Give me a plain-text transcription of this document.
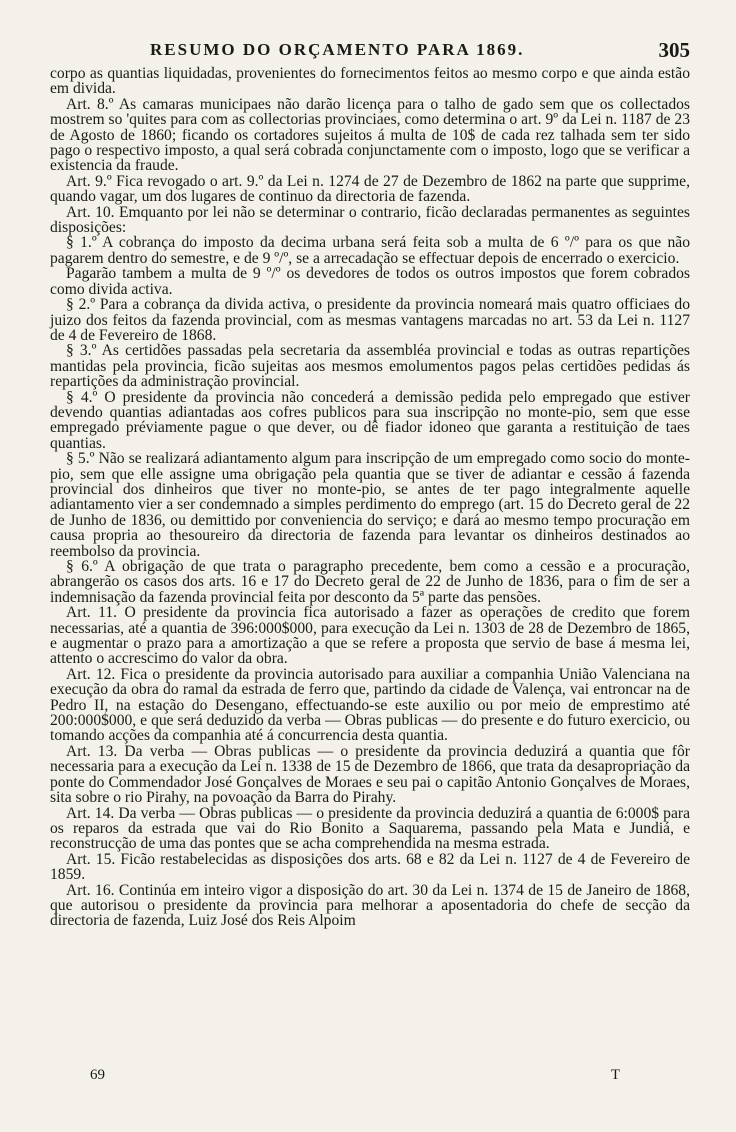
RESUMO DO ORÇAMENTO PARA 1869.	305

corpo as quantias liquidadas, provenientes do fornecimentos feitos ao mesmo corpo e que ainda estão em divida.

Art. 8.º As camaras municipaes não darão licença para o talho de gado sem que os collectados mostrem so 'quites para com as collectorias provinciaes, como determina o art. 9º da Lei n. 1187 de 23 de Agosto de 1860; ficando os cortadores sujeitos á multa de 10$ de cada rez talhada sem ter sido pago o respectivo imposto, a qual será cobrada conjunctamente com o imposto, logo que se verificar a existencia da fraude.

Art. 9.º Fica revogado o art. 9.º da Lei n. 1274 de 27 de Dezembro de 1862 na parte que supprime, quando vagar, um dos lugares de continuo da directoria de fazenda.

Art. 10. Emquanto por lei não se determinar o contrario, ficão declaradas permanentes as seguintes disposições:

§ 1.º A cobrança do imposto da decima urbana será feita sob a multa de 6 º/º para os que não pagarem dentro do semestre, e de 9 º/º, se a arrecadação se effectuar depois de encerrado o exercicio.

Pagarão tambem a multa de 9 º/º os devedores de todos os outros impostos que forem cobrados como divida activa.

§ 2.º Para a cobrança da divida activa, o presidente da provincia nomeará mais quatro officiaes do juizo dos feitos da fazenda provincial, com as mesmas vantagens marcadas no art. 53 da Lei n. 1127 de 4 de Fevereiro de 1868.

§ 3.º As certidões passadas pela secretaria da assembléa provincial e todas as outras repartições mantidas pela provincia, ficão sujeitas aos mesmos emolumentos pagos pelas certidões pedidas ás repartições da administração provincial.

§ 4.º O presidente da provincia não concederá a demissão pedida pelo empregado que estiver devendo quantias adiantadas aos cofres publicos para sua inscripção no monte-pio, sem que esse empregado préviamente pague o que dever, ou dê fiador idoneo que garanta a restituição de taes quantias.

§ 5.º Não se realizará adiantamento algum para inscripção de um empregado como socio do monte-pio, sem que elle assigne uma obrigação pela quantia que se tiver de adiantar e cessão á fazenda provincial dos dinheiros que tiver no monte-pio, se antes de ter pago integralmente aquelle adiantamento vier a ser condemnado a simples perdimento do emprego (art. 15 do Decreto geral de 22 de Junho de 1836, ou demittido por conveniencia do serviço; e dará ao mesmo tempo procuração em causa propria ao thesoureiro da directoria de fazenda para levantar os dinheiros destinados ao reembolso da provincia.

§ 6.º A obrigação de que trata o paragrapho precedente, bem como a cessão e a procuração, abrangerão os casos dos arts. 16 e 17 do Decreto geral de 22 de Junho de 1836, para o fim de ser a indemnisação da fazenda provincial feita por desconto da 5ª parte das pensões.

Art. 11. O presidente da provincia fica autorisado a fazer as operações de credito que forem necessarias, até a quantia de 396:000$000, para execução da Lei n. 1303 de 28 de Dezembro de 1865, e augmentar o prazo para a amortização a que se refere a proposta que servio de base á mesma lei, attento o accrescimo do valor da obra.

Art. 12. Fica o presidente da provincia autorisado para auxiliar a companhia União Valenciana na execução da obra do ramal da estrada de ferro que, partindo da cidade de Valença, vai entroncar na de Pedro II, na estação do Desengano, effectuando-se este auxilio ou por meio de emprestimo até 200:000$000, e que será deduzido da verba — Obras publicas — do presente e do futuro exercicio, ou tomando acções da companhia até á concurrencia desta quantia.

Art. 13. Da verba — Obras publicas — o presidente da provincia deduzirá a quantia que fôr necessaria para a execução da Lei n. 1338 de 15 de Dezembro de 1866, que trata da desapropriação da ponte do Commendador José Gonçalves de Moraes e seu pai o capitão Antonio Gonçalves de Moraes, sita sobre o rio Pirahy, na povoação da Barra do Pirahy.

Art. 14. Da verba — Obras publicas — o presidente da provincia deduzirá a quantia de 6:000$ para os reparos da estrada que vai do Rio Bonito a Saquarema, passando pela Mata e Jundiá, e reconstrucção de uma das pontes que se acha comprehendida na mesma estrada.

Art. 15. Ficão restabelecidas as disposições dos arts. 68 e 82 da Lei n. 1127 de 4 de Fevereiro de 1859.

Art. 16. Continúa em inteiro vigor a disposição do art. 30 da Lei n. 1374 de 15 de Janeiro de 1868, que autorisou o presidente da provincia para melhorar a aposentadoria do chefe de secção da directoria de fazenda, Luiz José dos Reis Alpoim

69	T
